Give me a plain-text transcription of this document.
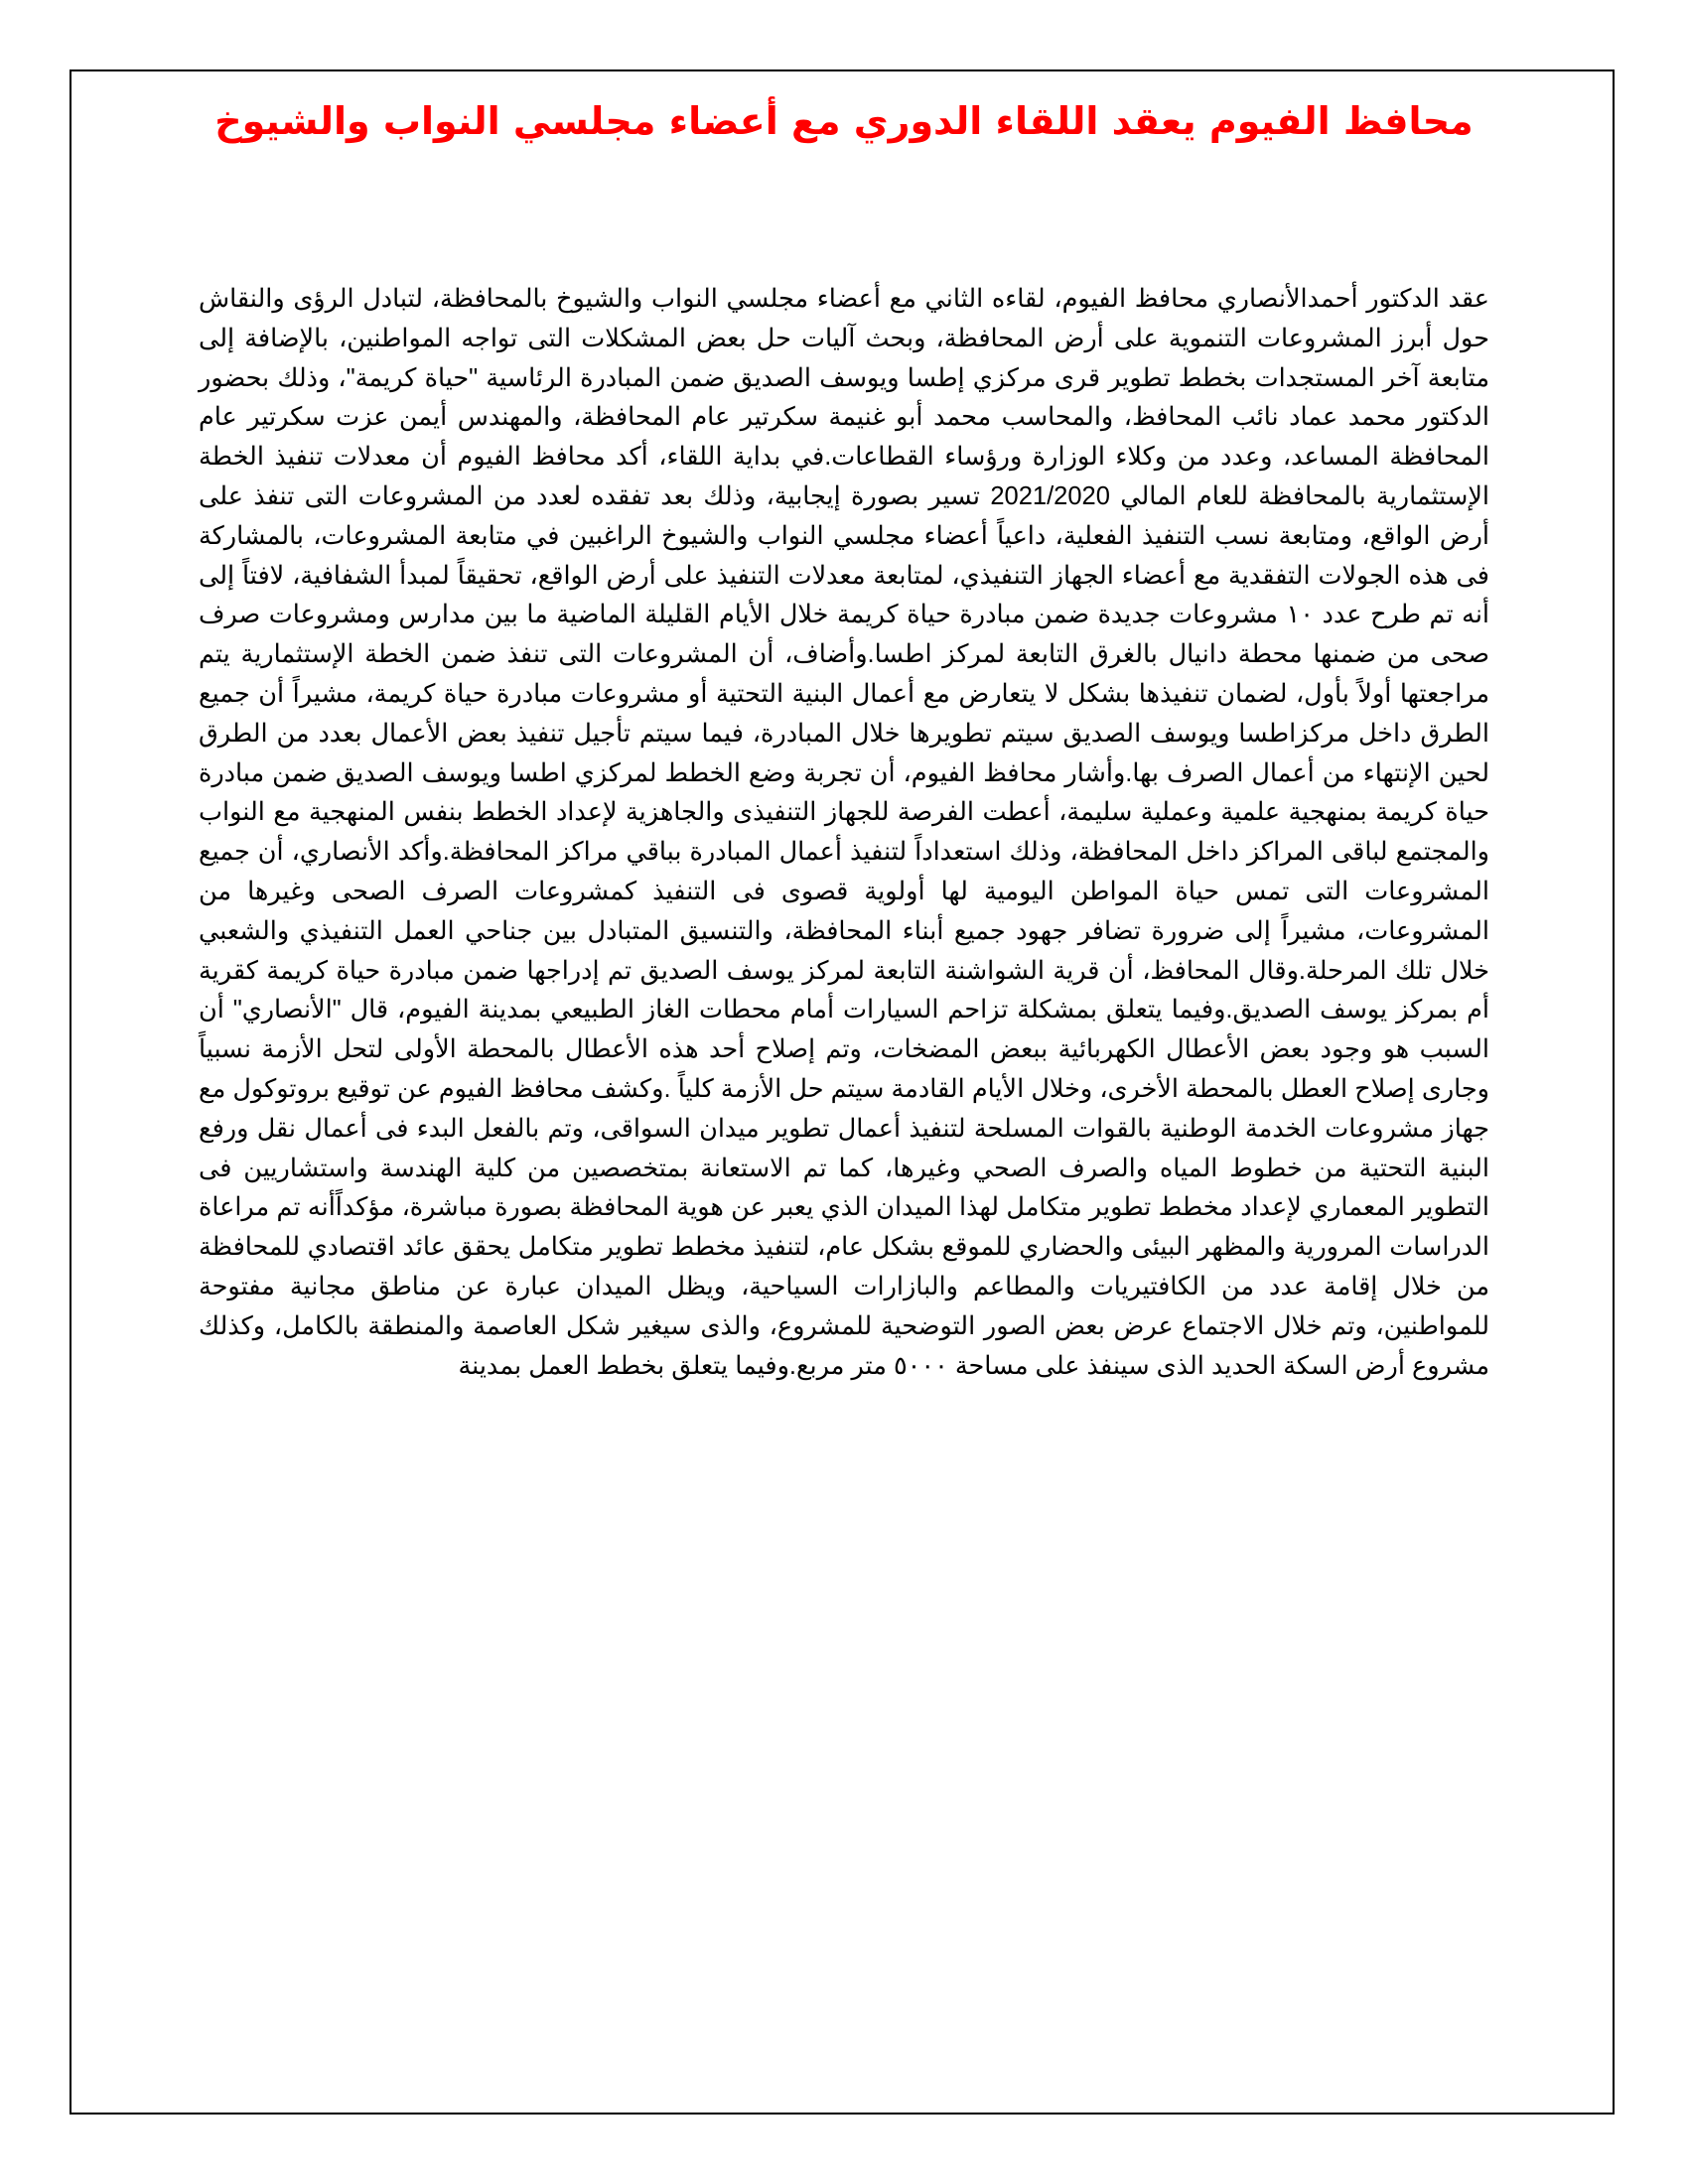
محافظ الفيوم يعقد اللقاء الدوري مع أعضاء مجلسي النواب والشيوخ

عقد الدكتور أحمدالأنصاري محافظ الفيوم، لقاءه الثاني مع أعضاء مجلسي النواب والشيوخ بالمحافظة، لتبادل الرؤى والنقاش حول أبرز المشروعات التنموية على أرض المحافظة، وبحث آليات حل بعض المشكلات التى تواجه المواطنين، بالإضافة إلى متابعة آخر المستجدات بخطط تطوير قرى مركزي إطسا ويوسف الصديق ضمن المبادرة الرئاسية "حياة كريمة"، وذلك بحضور الدكتور محمد عماد نائب المحافظ، والمحاسب محمد أبو غنيمة سكرتير عام المحافظة، والمهندس أيمن عزت سكرتير عام المحافظة المساعد، وعدد من وكلاء الوزارة ورؤساء القطاعات.في بداية اللقاء، أكد محافظ الفيوم أن معدلات تنفيذ الخطة الإستثمارية بالمحافظة للعام المالي 2021/2020 تسير بصورة إيجابية، وذلك بعد تفقده لعدد من المشروعات التى تنفذ على أرض الواقع، ومتابعة نسب التنفيذ الفعلية، داعياً أعضاء مجلسي النواب والشيوخ الراغبين في متابعة المشروعات، بالمشاركة فى هذه الجولات التفقدية مع أعضاء الجهاز التنفيذي، لمتابعة معدلات التنفيذ على أرض الواقع، تحقيقاً لمبدأ الشفافية، لافتاً إلى أنه تم طرح عدد ١٠ مشروعات جديدة ضمن مبادرة حياة كريمة خلال الأيام القليلة الماضية ما بين مدارس ومشروعات صرف صحى من ضمنها محطة دانيال بالغرق التابعة لمركز اطسا.وأضاف، أن المشروعات التى تنفذ ضمن الخطة الإستثمارية يتم مراجعتها أولاً بأول، لضمان تنفيذها بشكل لا يتعارض مع أعمال البنية التحتية أو مشروعات مبادرة حياة كريمة، مشيراً أن جميع الطرق داخل مركزاطسا ويوسف الصديق سيتم تطويرها خلال المبادرة، فيما سيتم تأجيل تنفيذ بعض الأعمال بعدد من الطرق لحين الإنتهاء من أعمال الصرف بها.وأشار محافظ الفيوم، أن تجربة وضع الخطط لمركزي اطسا ويوسف الصديق ضمن مبادرة حياة كريمة بمنهجية علمية وعملية سليمة، أعطت الفرصة للجهاز التنفيذى والجاهزية لإعداد الخطط بنفس المنهجية مع النواب والمجتمع لباقى المراكز داخل المحافظة، وذلك استعداداً لتنفيذ أعمال المبادرة بباقي مراكز المحافظة.وأكد الأنصاري، أن جميع المشروعات التى تمس حياة المواطن اليومية لها أولوية قصوى فى التنفيذ كمشروعات الصرف الصحى وغيرها من المشروعات، مشيراً إلى ضرورة تضافر جهود جميع أبناء المحافظة، والتنسيق المتبادل بين جناحي العمل التنفيذي والشعبي خلال تلك المرحلة.وقال المحافظ، أن قرية الشواشنة التابعة لمركز يوسف الصديق تم إدراجها ضمن مبادرة حياة كريمة كقرية أم بمركز يوسف الصديق.وفيما يتعلق بمشكلة تزاحم السيارات أمام محطات الغاز الطبيعي بمدينة الفيوم، قال "الأنصاري" أن السبب هو وجود بعض الأعطال الكهربائية ببعض المضخات، وتم إصلاح أحد هذه الأعطال بالمحطة الأولى لتحل الأزمة نسبياً وجارى إصلاح العطل بالمحطة الأخرى، وخلال الأيام القادمة سيتم حل الأزمة كلياً .وكشف محافظ الفيوم عن توقيع بروتوكول مع جهاز مشروعات الخدمة الوطنية بالقوات المسلحة لتنفيذ أعمال تطوير ميدان السواقى، وتم بالفعل البدء فى أعمال نقل ورفع البنية التحتية من خطوط المياه والصرف الصحي وغيرها، كما تم الاستعانة بمتخصصين من كلية الهندسة واستشاريين فى التطوير المعماري لإعداد مخطط تطوير متكامل لهذا الميدان الذي يعبر عن هوية المحافظة بصورة مباشرة، مؤكداًأنه تم مراعاة الدراسات المرورية والمظهر البيئى والحضاري للموقع بشكل عام، لتنفيذ مخطط تطوير متكامل يحقق عائد اقتصادي للمحافظة من خلال إقامة عدد من الكافتيريات والمطاعم والبازارات السياحية، ويظل الميدان عبارة عن مناطق مجانية مفتوحة للمواطنين، وتم خلال الاجتماع عرض بعض الصور التوضحية للمشروع، والذى سيغير شكل العاصمة والمنطقة بالكامل، وكذلك مشروع أرض السكة الحديد الذى سينفذ على مساحة ٥٠٠٠ متر مربع.وفيما يتعلق بخطط العمل بمدينة
